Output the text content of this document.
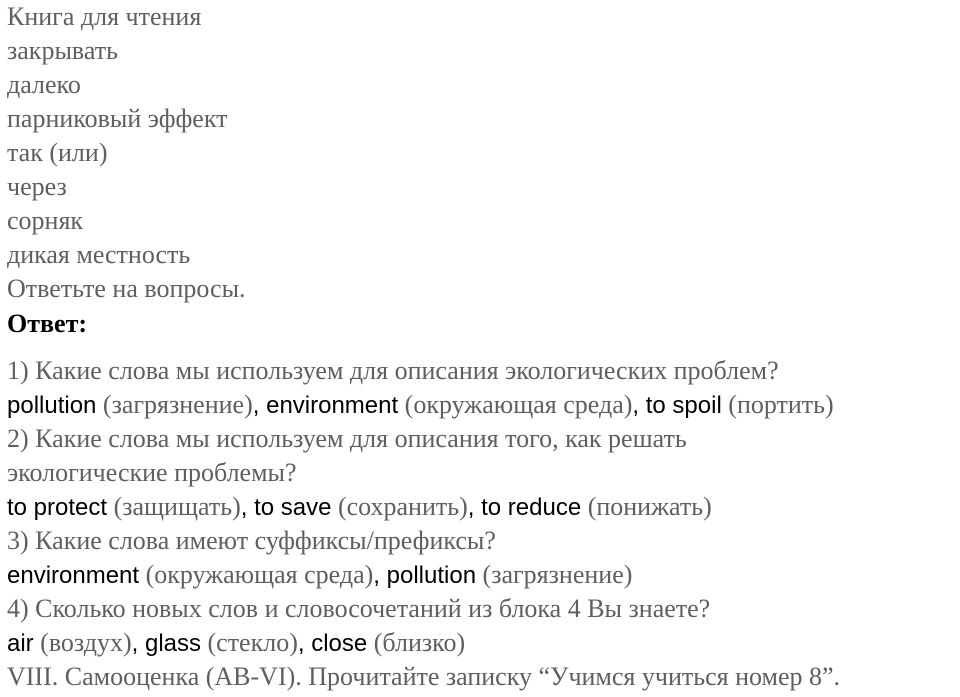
Книга для чтения
закрывать
далеко
парниковый эффект
так (или)
через
сорняк
дикая местность
Ответьте на вопросы.
Ответ:
1) Какие слова мы используем для описания экологических проблем?
pollution (загрязнение), environment (окружающая среда), to spoil (портить)
2) Какие слова мы используем для описания того, как решать
экологические проблемы?
to protect (защищать), to save (сохранить), to reduce (понижать)
3) Какие слова имеют суффиксы/префиксы?
environment (окружающая среда), pollution (загрязнение)
4) Сколько новых слов и словосочетаний из блока 4 Вы знаете?
air (воздух), glass (стекло), close (близко)
VIII. Самооценка (AB-VI). Прочитайте записку “Учимся учиться номер 8”.
